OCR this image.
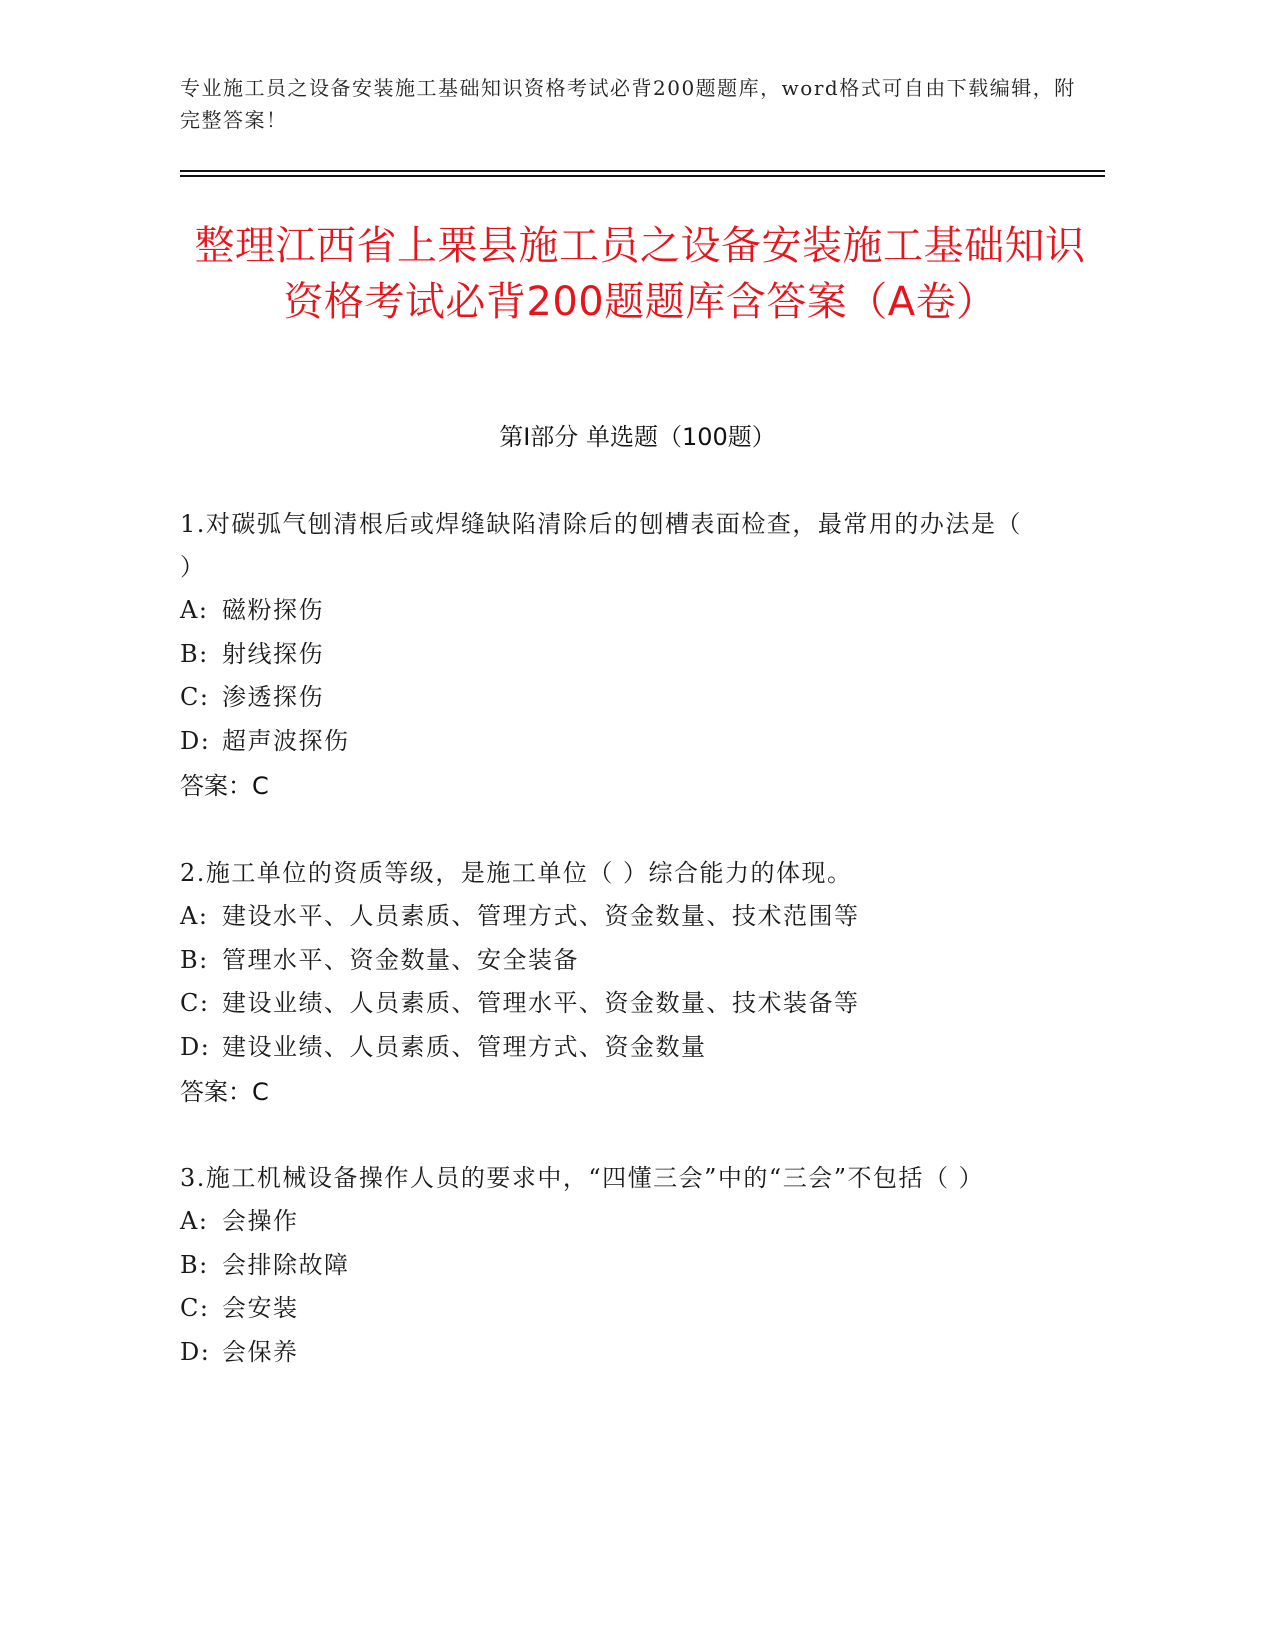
专业施工员之设备安装施工基础知识资格考试必背200题题库，word格式可自由下载编辑，附完整答案！
整理江西省上栗县施工员之设备安装施工基础知识资格考试必背200题题库含答案（A卷）
第Ⅰ部分 单选题（100题）
1.对碳弧气刨清根后或焊缝缺陷清除后的刨槽表面检查，最常用的办法是（ ）
A: 磁粉探伤
B: 射线探伤
C: 渗透探伤
D: 超声波探伤
答案：C
2.施工单位的资质等级，是施工单位（ ）综合能力的体现。
A: 建设水平、人员素质、管理方式、资金数量、技术范围等
B: 管理水平、资金数量、安全装备
C: 建设业绩、人员素质、管理水平、资金数量、技术装备等
D: 建设业绩、人员素质、管理方式、资金数量
答案：C
3.施工机械设备操作人员的要求中，“四懂三会”中的“三会”不包括（ ）
A: 会操作
B: 会排除故障
C: 会安装
D: 会保养
